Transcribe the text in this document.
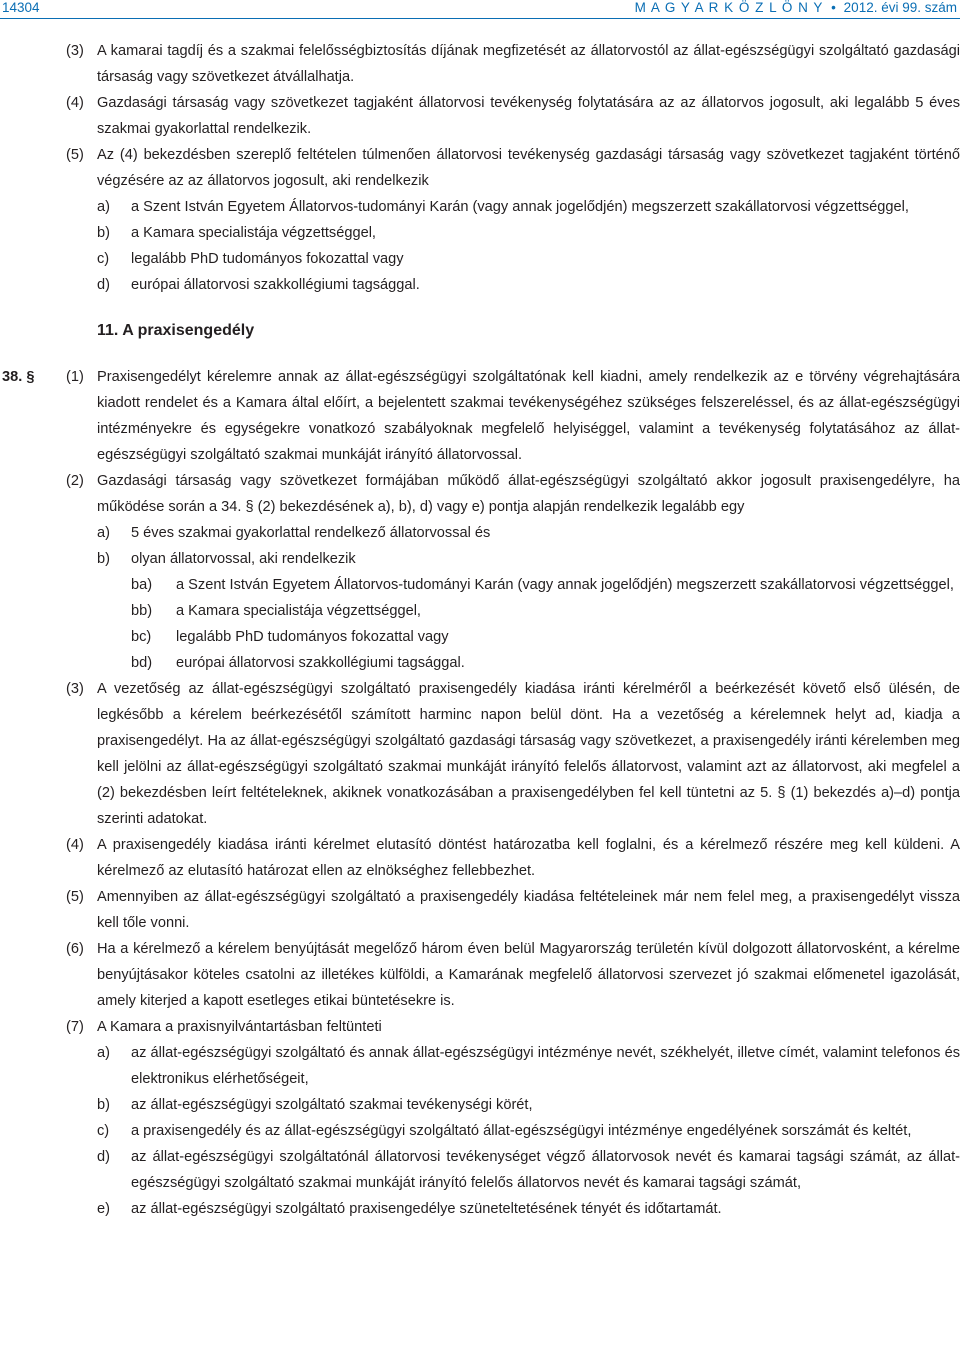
14304	M A G Y A R K Ö Z L Ö N Y • 2012. évi 99. szám
(3) A kamarai tagdíj és a szakmai felelősségbiztosítás díjának megfizetését az állatorvostól az állat-egészségügyi szolgáltató gazdasági társaság vagy szövetkezet átvállalhatja.
(4) Gazdasági társaság vagy szövetkezet tagjaként állatorvosi tevékenység folytatására az az állatorvos jogosult, aki legalább 5 éves szakmai gyakorlattal rendelkezik.
(5) Az (4) bekezdésben szereplő feltételen túlmenően állatorvosi tevékenység gazdasági társaság vagy szövetkezet tagjaként történő végzésére az az állatorvos jogosult, aki rendelkezik
a) a Szent István Egyetem Állatorvos-tudományi Karán (vagy annak jogelődjén) megszerzett szakállatorvosi végzettséggel,
b) a Kamara specialistája végzettséggel,
c) legalább PhD tudományos fokozattal vagy
d) európai állatorvosi szakkollégiumi tagsággal.
11. A praxisengedély
38. § (1) Praxisengedélyt kérelemre annak az állat-egészségügyi szolgáltatónak kell kiadni, amely rendelkezik az e törvény végrehajtására kiadott rendelet és a Kamara által előírt, a bejelentett szakmai tevékenységéhez szükséges felszereléssel, és az állat-egészségügyi intézményekre és egységekre vonatkozó szabályoknak megfelelő helyiséggel, valamint a tevékenység folytatásához az állat-egészségügyi szolgáltató szakmai munkáját irányító állatorvossal.
(2) Gazdasági társaság vagy szövetkezet formájában működő állat-egészségügyi szolgáltató akkor jogosult praxisengedélyre, ha működése során a 34. § (2) bekezdésének a), b), d) vagy e) pontja alapján rendelkezik legalább egy
a) 5 éves szakmai gyakorlattal rendelkező állatorvossal és
b) olyan állatorvossal, aki rendelkezik
ba) a Szent István Egyetem Állatorvos-tudományi Karán (vagy annak jogelődjén) megszerzett szakállatorvosi végzettséggel,
bb) a Kamara specialistája végzettséggel,
bc) legalább PhD tudományos fokozattal vagy
bd) európai állatorvosi szakkollégiumi tagsággal.
(3) A vezetőség az állat-egészségügyi szolgáltató praxisengedély kiadása iránti kérelméről a beérkezését követő első ülésén, de legkésőbb a kérelem beérkezésétől számított harminc napon belül dönt. Ha a vezetőség a kérelemnek helyt ad, kiadja a praxisengedélyt. Ha az állat-egészségügyi szolgáltató gazdasági társaság vagy szövetkezet, a praxisengedély iránti kérelemben meg kell jelölni az állat-egészségügyi szolgáltató szakmai munkáját irányító felelős állatorvost, valamint azt az állatorvost, aki megfelel a (2) bekezdésben leírt feltételeknek, akiknek vonatkozásában a praxisengedélyben fel kell tüntetni az 5. § (1) bekezdés a)–d) pontja szerinti adatokat.
(4) A praxisengedély kiadása iránti kérelmet elutasító döntést határozatba kell foglalni, és a kérelmező részére meg kell küldeni. A kérelmező az elutasító határozat ellen az elnökséghez fellebbezhet.
(5) Amennyiben az állat-egészségügyi szolgáltató a praxisengedély kiadása feltételeinek már nem felel meg, a praxisengedélyt vissza kell tőle vonni.
(6) Ha a kérelmező a kérelem benyújtását megelőző három éven belül Magyarország területén kívül dolgozott állatorvosként, a kérelme benyújtásakor köteles csatolni az illetékes külföldi, a Kamarának megfelelő állatorvosi szervezet jó szakmai előmenetel igazolását, amely kiterjed a kapott esetleges etikai büntetésekre is.
(7) A Kamara a praxisnyilvántartásban feltünteti
a) az állat-egészségügyi szolgáltató és annak állat-egészségügyi intézménye nevét, székhelyét, illetve címét, valamint telefonos és elektronikus elérhetőségeit,
b) az állat-egészségügyi szolgáltató szakmai tevékenységi körét,
c) a praxisengedély és az állat-egészségügyi szolgáltató állat-egészségügyi intézménye engedélyének sorszámát és keltét,
d) az állat-egészségügyi szolgáltatónál állatorvosi tevékenységet végző állatorvosok nevét és kamarai tagsági számát, az állat-egészségügyi szolgáltató szakmai munkáját irányító felelős állatorvos nevét és kamarai tagsági számát,
e) az állat-egészségügyi szolgáltató praxisengedélye szüneteltetésének tényét és időtartamát.
